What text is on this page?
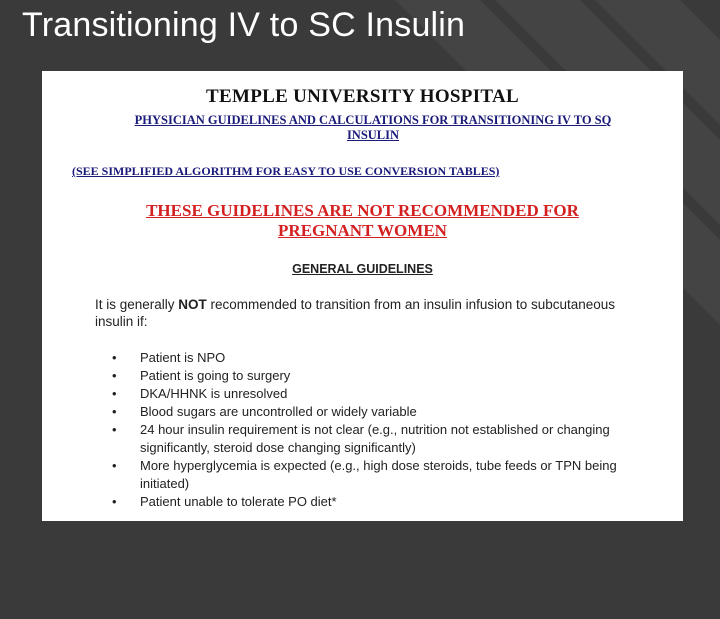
Transitioning IV to SC Insulin
TEMPLE UNIVERSITY HOSPITAL
PHYSICIAN GUIDELINES AND CALCULATIONS FOR TRANSITIONING IV TO SQ
INSULIN
(SEE SIMPLIFIED ALGORITHM FOR EASY TO USE CONVERSION TABLES)
THESE GUIDELINES ARE NOT RECOMMENDED FOR
PREGNANT WOMEN
GENERAL GUIDELINES
It is generally NOT recommended to transition from an insulin infusion to subcutaneous insulin if:
• Patient is NPO
• Patient is going to surgery
• DKA/HHNK is unresolved
• Blood sugars are uncontrolled or widely variable
• 24 hour insulin requirement is not clear (e.g., nutrition not established or changing significantly, steroid dose changing significantly)
• More hyperglycemia is expected (e.g., high dose steroids, tube feeds or TPN being initiated)
• Patient unable to tolerate PO diet*
